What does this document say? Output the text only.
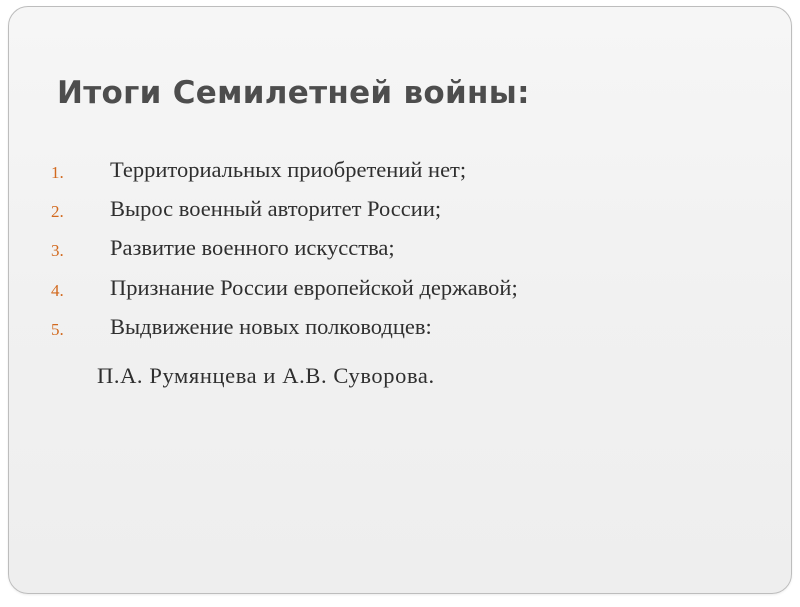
Итоги Семилетней войны:
1. Территориальных приобретений нет;
2. Вырос военный авторитет России;
3. Развитие военного искусства;
4. Признание России европейской державой;
5. Выдвижение новых полководцев:

П.А. Румянцева и А.В. Суворова.
